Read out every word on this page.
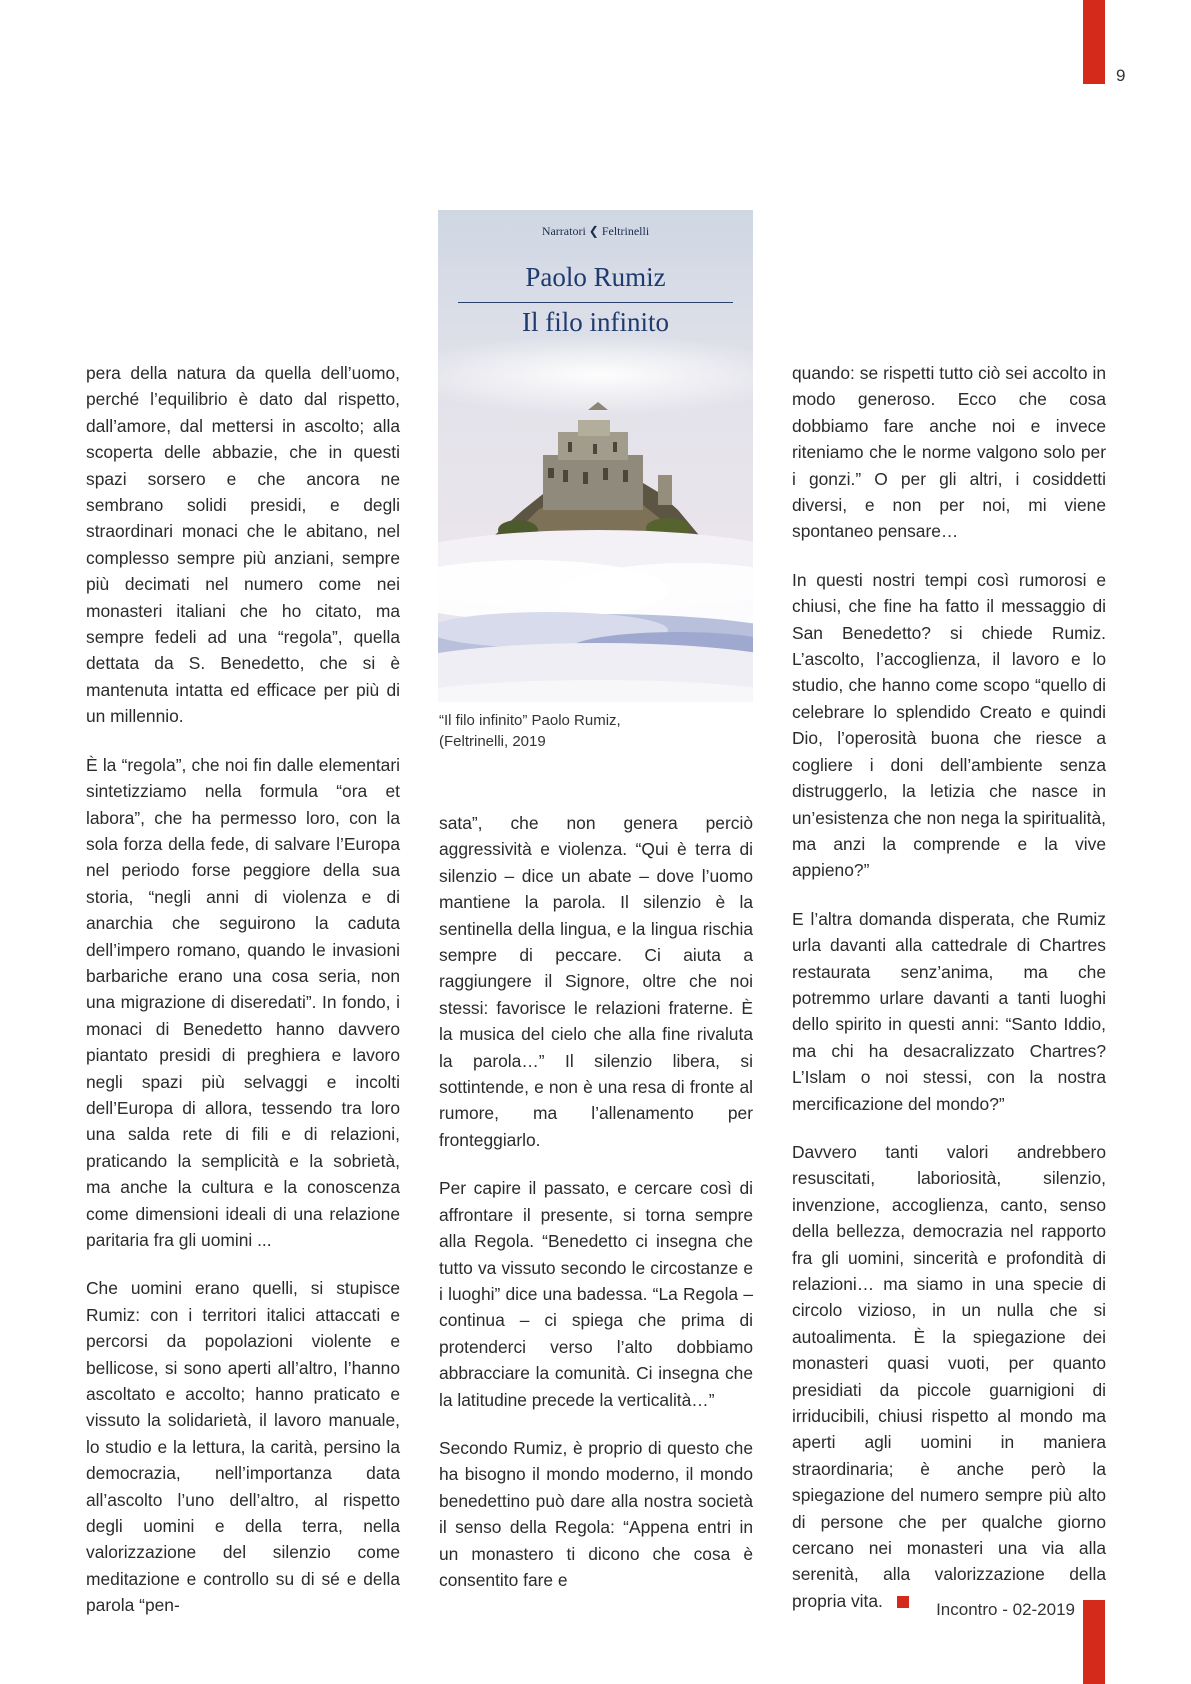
9

pera della natura da quella dell’uomo, perché l’equilibrio è dato dal rispetto, dall’amore, dal mettersi in ascolto; alla scoperta delle abbazie, che in questi spazi sorsero e che ancora ne sembrano solidi presidi, e degli straordinari monaci che le abitano, nel complesso sempre più anziani, sempre più decimati nel numero come nei monasteri italiani che ho citato, ma sempre fedeli ad una “regola”, quella dettata da S. Benedetto, che si è mantenuta intatta ed efficace per più di un millennio.

È la “regola”, che noi fin dalle elementari sintetizziamo nella formula “ora et labora”, che ha permesso loro, con la sola forza della fede, di salvare l’Europa nel periodo forse peggiore della sua storia, “negli anni di violenza e di anarchia che seguirono la caduta dell’impero romano, quando le invasioni barbariche erano una cosa seria, non una migrazione di diseredati”. In fondo, i monaci di Benedetto hanno davvero piantato presidi di preghiera e lavoro negli spazi più selvaggi e incolti dell’Europa di allora, tessendo tra loro una salda rete di fili e di relazioni, praticando la semplicità e la sobrietà, ma anche la cultura e la conoscenza come dimensioni ideali di una relazione paritaria fra gli uomini ...

Che uomini erano quelli, si stupisce Rumiz: con i territori italici attaccati e percorsi da popolazioni violente e bellicose, si sono aperti all’altro, l’hanno ascoltato e accolto; hanno praticato e vissuto la solidarietà, il lavoro manuale, lo studio e la lettura, la carità, persino la democrazia, nell’importanza data all’ascolto l’uno dell’altro, al rispetto degli uomini e della terra, nella valorizzazione del silenzio come meditazione e controllo su di sé e della parola “pen-

Narratori ❮ Feltrinelli
Paolo Rumiz
Il filo infinito
“Il filo infinito” Paolo Rumiz,
(Feltrinelli, 2019

sata”, che non genera perciò aggressività e violenza. “Qui è terra di silenzio – dice un abate – dove l’uomo mantiene la parola. Il silenzio è la sentinella della lingua, e la lingua rischia sempre di peccare. Ci aiuta a raggiungere il Signore, oltre che noi stessi: favorisce le relazioni fraterne. È la musica del cielo che alla fine rivaluta la parola…” Il silenzio libera, si sottintende, e non è una resa di fronte al rumore, ma l’allenamento per fronteggiarlo.

Per capire il passato, e cercare così di affrontare il presente, si torna sempre alla Regola. “Benedetto ci insegna che tutto va vissuto secondo le circostanze e i luoghi” dice una badessa. “La Regola – continua – ci spiega che prima di protenderci verso l’alto dobbiamo abbracciare la comunità. Ci insegna che la latitudine precede la verticalità…”

Secondo Rumiz, è proprio di questo che ha bisogno il mondo moderno, il mondo benedettino può dare alla nostra società il senso della Regola: “Appena entri in un monastero ti dicono che cosa è consentito fare e

quando: se rispetti tutto ciò sei accolto in modo generoso. Ecco che cosa dobbiamo fare anche noi e invece riteniamo che le norme valgono solo per i gonzi.” O per gli altri, i cosiddetti diversi, e non per noi, mi viene spontaneo pensare…

In questi nostri tempi così rumorosi e chiusi, che fine ha fatto il messaggio di San Benedetto? si chiede Rumiz. L’ascolto, l’accoglienza, il lavoro e lo studio, che hanno come scopo “quello di celebrare lo splendido Creato e quindi Dio, l’operosità buona che riesce a cogliere i doni dell’ambiente senza distruggerlo, la letizia che nasce in un’esistenza che non nega la spiritualità, ma anzi la comprende e la vive appieno?”

E l’altra domanda disperata, che Rumiz urla davanti alla cattedrale di Chartres restaurata senz’anima, ma che potremmo urlare davanti a tanti luoghi dello spirito in questi anni: “Santo Iddio, ma chi ha desacralizzato Chartres? L’Islam o noi stessi, con la nostra mercificazione del mondo?”

Davvero tanti valori andrebbero resuscitati, laboriosità, silenzio, invenzione, accoglienza, canto, senso della bellezza, democrazia nel rapporto fra gli uomini, sincerità e profondità di relazioni… ma siamo in una specie di circolo vizioso, in un nulla che si autoalimenta. È la spiegazione dei monasteri quasi vuoti, per quanto presidiati da piccole guarnigioni di irriducibili, chiusi rispetto al mondo ma aperti agli uomini in maniera straordinaria; è anche però la spiegazione del numero sempre più alto di persone che per qualche giorno cercano nei monasteri una via alla serenità, alla valorizzazione della propria vita.	Incontro - 02-2019
